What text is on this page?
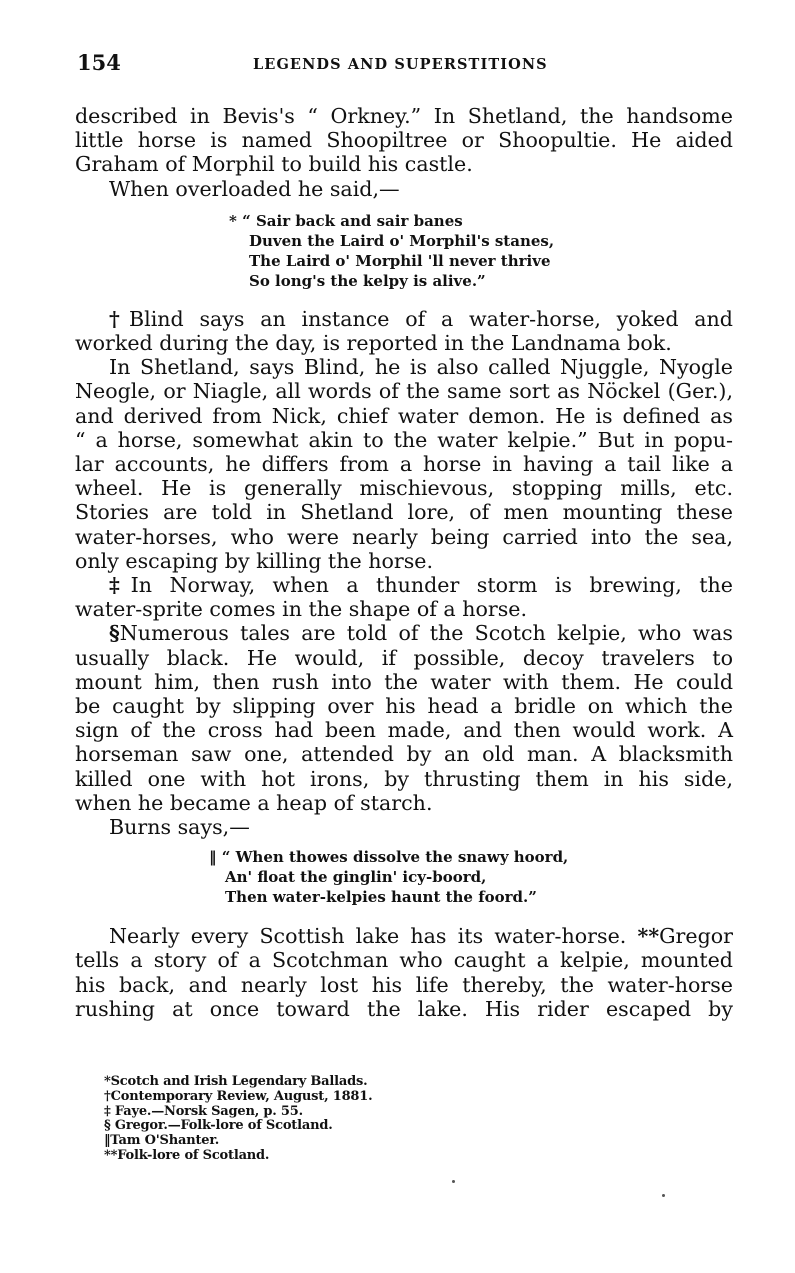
154	LEGENDS AND SUPERSTITIONS
described in Bevis's “ Orkney.” In Shetland, the handsome
little horse is named Shoopiltree or Shoopultie. He aided
Graham of Morphil to build his castle.
When overloaded he said,—
* “ Sair back and sair banes
Duven the Laird o' Morphil's stanes,
The Laird o' Morphil 'll never thrive
So long's the kelpy is alive.”
†Blind says an instance of a water-horse, yoked and
worked during the day, is reported in the Landnama bok.
In Shetland, says Blind, he is also called Njuggle, Nyogle
Neogle, or Niagle, all words of the same sort as Nöckel (Ger.),
and derived from Nick, chief water demon. He is defined as
“ a horse, somewhat akin to the water kelpie.” But in popu-
lar accounts, he differs from a horse in having a tail like a
wheel. He is generally mischievous, stopping mills, etc.
Stories are told in Shetland lore, of men mounting these
water-horses, who were nearly being carried into the sea,
only escaping by killing the horse.
‡In Norway, when a thunder storm is brewing, the
water-sprite comes in the shape of a horse.
§Numerous tales are told of the Scotch kelpie, who was
usually black. He would, if possible, decoy travelers to
mount him, then rush into the water with them. He could
be caught by slipping over his head a bridle on which the
sign of the cross had been made, and then would work. A
horseman saw one, attended by an old man. A blacksmith
killed one with hot irons, by thrusting them in his side,
when he became a heap of starch.
Burns says,—
‖ “ When thowes dissolve the snawy hoord,
An' float the ginglin' icy-boord,
Then water-kelpies haunt the foord.”
Nearly every Scottish lake has its water-horse. **Gregor
tells a story of a Scotchman who caught a kelpie, mounted
his back, and nearly lost his life thereby, the water-horse
rushing at once toward the lake. His rider escaped by
*Scotch and Irish Legendary Ballads.
†Contemporary Review, August, 1881.
‡ Faye.—Norsk Sagen, p. 55.
§ Gregor.—Folk-lore of Scotland.
‖Tam O'Shanter.
**Folk-lore of Scotland.
